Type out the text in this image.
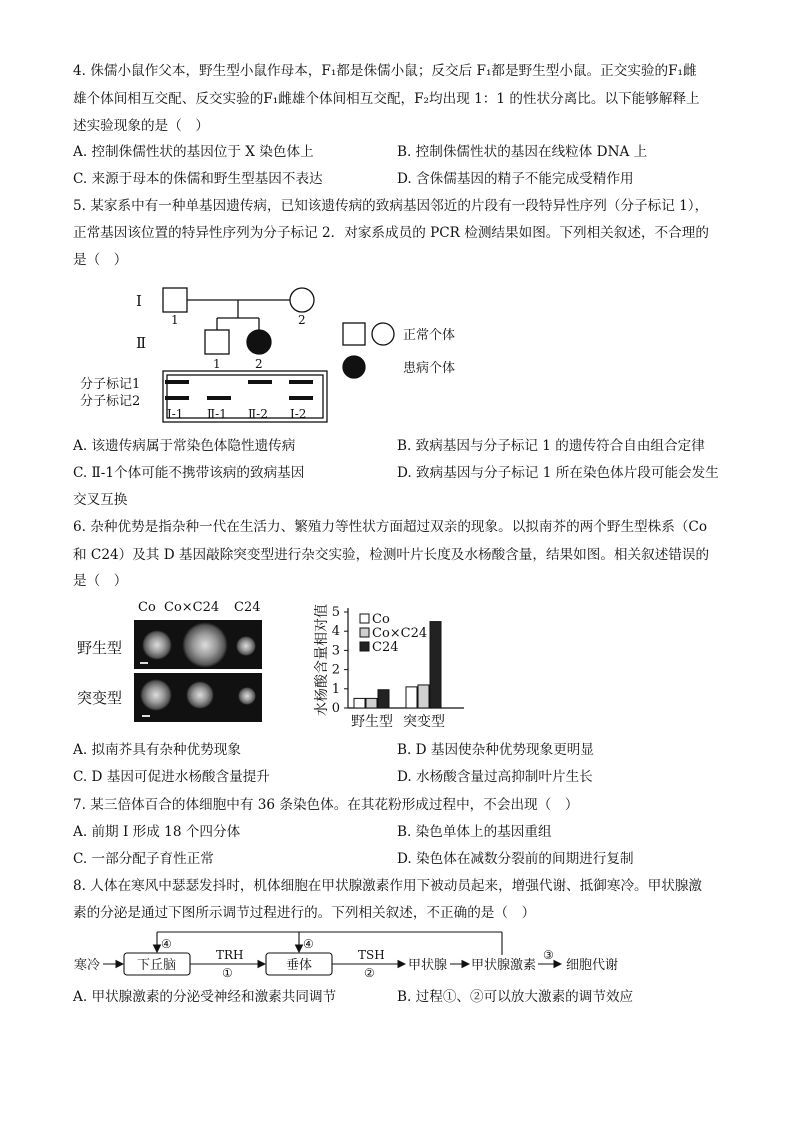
4. 侏儒小鼠作父本，野生型小鼠作母本，F₁都是侏儒小鼠；反交后 F₁都是野生型小鼠。正交实验的F₁雌
雄个体间相互交配、反交实验的F₁雌雄个体间相互交配，F₂均出现 1：1 的性状分离比。以下能够解释上
述实验现象的是（　）
A. 控制侏儒性状的基因位于 X 染色体上	B. 控制侏儒性状的基因在线粒体 DNA 上
C. 来源于母本的侏儒和野生型基因不表达	D. 含侏儒基因的精子不能完成受精作用
5. 某家系中有一种单基因遗传病，已知该遗传病的致病基因邻近的片段有一段特异性序列（分子标记 1），
正常基因该位置的特异性序列为分子标记 2．对家系成员的 PCR 检测结果如图。下列相关叙述，不合理的
是（　）
Ⅰ
1	2
Ⅱ
1	2
正常个体
患病个体
分子标记1
分子标记2
Ⅰ-1 Ⅱ-1 Ⅱ-2 Ⅰ-2
A. 该遗传病属于常染色体隐性遗传病	B. 致病基因与分子标记 1 的遗传符合自由组合定律
C. Ⅱ-1个体可能不携带该病的致病基因	D. 致病基因与分子标记 1 所在染色体片段可能会发生
交叉互换
6. 杂种优势是指杂种一代在生活力、繁殖力等性状方面超过双亲的现象。以拟南芥的两个野生型株系（Co
和 C24）及其 D 基因敲除突变型进行杂交实验，检测叶片长度及水杨酸含量，结果如图。相关叙述错误的
是（　）
Co Co×C24 C24
野生型
突变型
0
1
2
3
4
5
水杨酸含量相对值
野生型 突变型
Co
Co×C24
C24
A. 拟南芥具有杂种优势现象	B. D 基因使杂种优势现象更明显
C. D 基因可促进水杨酸含量提升	D. 水杨酸含量过高抑制叶片生长
7. 某三倍体百合的体细胞中有 36 条染色体。在其花粉形成过程中，不会出现（　）
A. 前期 Ⅰ 形成 18 个四分体	B. 染色单体上的基因重组
C. 一部分配子育性正常	D. 染色体在减数分裂前的间期进行复制
8. 人体在寒风中瑟瑟发抖时，机体细胞在甲状腺激素作用下被动员起来，增强代谢、抵御寒冷。甲状腺激
素的分泌是通过下图所示调节过程进行的。下列相关叙述，不正确的是（　）
寒冷	下丘脑	垂体
TRH
①
TSH
②	甲状腺 甲状腺激素
③
细胞代谢
④	④
A. 甲状腺激素的分泌受神经和激素共同调节	B. 过程①、②可以放大激素的调节效应
